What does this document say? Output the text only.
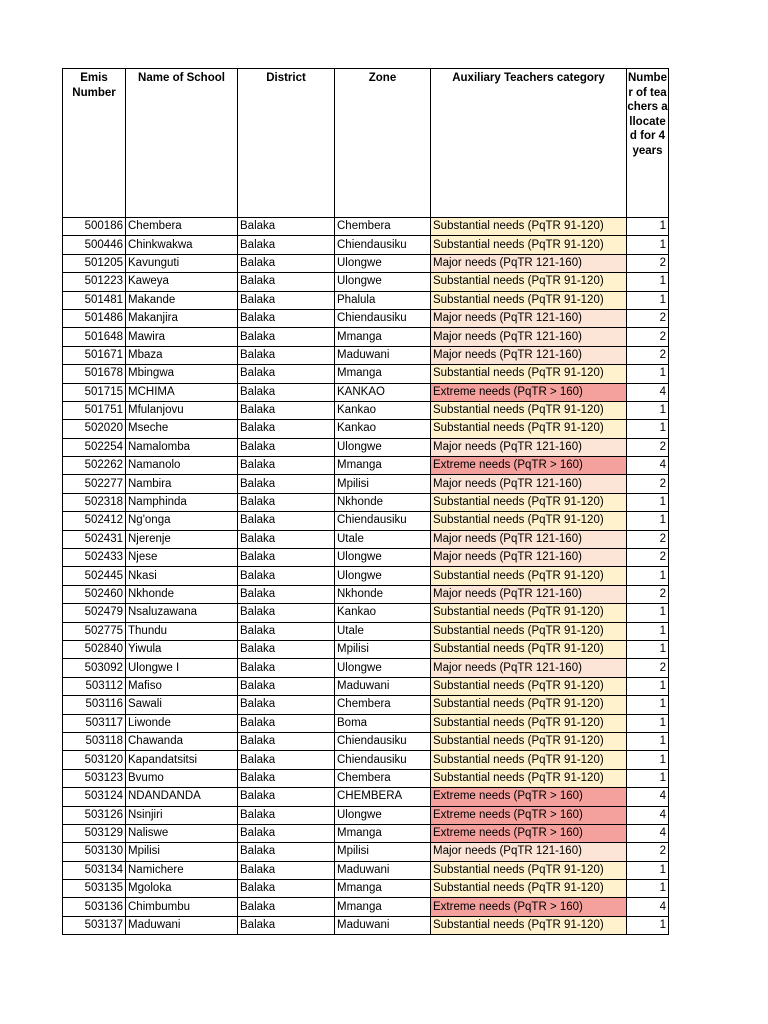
Emis Number	Name of School	District	Zone	Auxiliary Teachers category	Number of teachers allocated for 4 years
500186	Chembera	Balaka	Chembera	Substantial needs (PqTR 91-120)	1
500446	Chinkwakwa	Balaka	Chiendausiku	Substantial needs (PqTR 91-120)	1
501205	Kavunguti	Balaka	Ulongwe	Major needs (PqTR 121-160)	2
501223	Kaweya	Balaka	Ulongwe	Substantial needs (PqTR 91-120)	1
501481	Makande	Balaka	Phalula	Substantial needs (PqTR 91-120)	1
501486	Makanjira	Balaka	Chiendausiku	Major needs (PqTR 121-160)	2
501648	Mawira	Balaka	Mmanga	Major needs (PqTR 121-160)	2
501671	Mbaza	Balaka	Maduwani	Major needs (PqTR 121-160)	2
501678	Mbingwa	Balaka	Mmanga	Substantial needs (PqTR 91-120)	1
501715	MCHIMA	Balaka	KANKAO	Extreme needs (PqTR > 160)	4
501751	Mfulanjovu	Balaka	Kankao	Substantial needs (PqTR 91-120)	1
502020	Mseche	Balaka	Kankao	Substantial needs (PqTR 91-120)	1
502254	Namalomba	Balaka	Ulongwe	Major needs (PqTR 121-160)	2
502262	Namanolo	Balaka	Mmanga	Extreme needs (PqTR > 160)	4
502277	Nambira	Balaka	Mpilisi	Major needs (PqTR 121-160)	2
502318	Namphinda	Balaka	Nkhonde	Substantial needs (PqTR 91-120)	1
502412	Ng'onga	Balaka	Chiendausiku	Substantial needs (PqTR 91-120)	1
502431	Njerenje	Balaka	Utale	Major needs (PqTR 121-160)	2
502433	Njese	Balaka	Ulongwe	Major needs (PqTR 121-160)	2
502445	Nkasi	Balaka	Ulongwe	Substantial needs (PqTR 91-120)	1
502460	Nkhonde	Balaka	Nkhonde	Major needs (PqTR 121-160)	2
502479	Nsaluzawana	Balaka	Kankao	Substantial needs (PqTR 91-120)	1
502775	Thundu	Balaka	Utale	Substantial needs (PqTR 91-120)	1
502840	Yiwula	Balaka	Mpilisi	Substantial needs (PqTR 91-120)	1
503092	Ulongwe I	Balaka	Ulongwe	Major needs (PqTR 121-160)	2
503112	Mafiso	Balaka	Maduwani	Substantial needs (PqTR 91-120)	1
503116	Sawali	Balaka	Chembera	Substantial needs (PqTR 91-120)	1
503117	Liwonde	Balaka	Boma	Substantial needs (PqTR 91-120)	1
503118	Chawanda	Balaka	Chiendausiku	Substantial needs (PqTR 91-120)	1
503120	Kapandatsitsi	Balaka	Chiendausiku	Substantial needs (PqTR 91-120)	1
503123	Bvumo	Balaka	Chembera	Substantial needs (PqTR 91-120)	1
503124	NDANDANDA	Balaka	CHEMBERA	Extreme needs (PqTR > 160)	4
503126	Nsinjiri	Balaka	Ulongwe	Extreme needs (PqTR > 160)	4
503129	Naliswe	Balaka	Mmanga	Extreme needs (PqTR > 160)	4
503130	Mpilisi	Balaka	Mpilisi	Major needs (PqTR 121-160)	2
503134	Namichere	Balaka	Maduwani	Substantial needs (PqTR 91-120)	1
503135	Mgoloka	Balaka	Mmanga	Substantial needs (PqTR 91-120)	1
503136	Chimbumbu	Balaka	Mmanga	Extreme needs (PqTR > 160)	4
503137	Maduwani	Balaka	Maduwani	Substantial needs (PqTR 91-120)	1
